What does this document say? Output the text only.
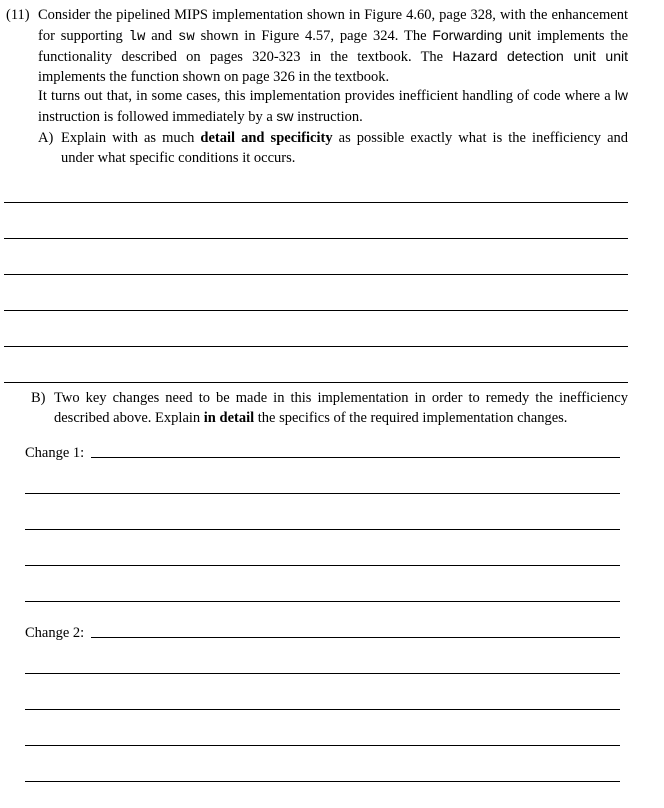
(11) Consider the pipelined MIPS implementation shown in Figure 4.60, page 328, with the enhancement for supporting lw and sw shown in Figure 4.57, page 324. The Forwarding unit implements the functionality described on pages 320-323 in the textbook. The Hazard detection unit unit implements the function shown on page 326 in the textbook.
It turns out that, in some cases, this implementation provides inefficient handling of code where a lw instruction is followed immediately by a sw instruction.
A) Explain with as much detail and specificity as possible exactly what is the inefficiency and under what specific conditions it occurs.
B) Two key changes need to be made in this implementation in order to remedy the inefficiency described above. Explain in detail the specifics of the required implementation changes.
Change 1:
Change 2:
